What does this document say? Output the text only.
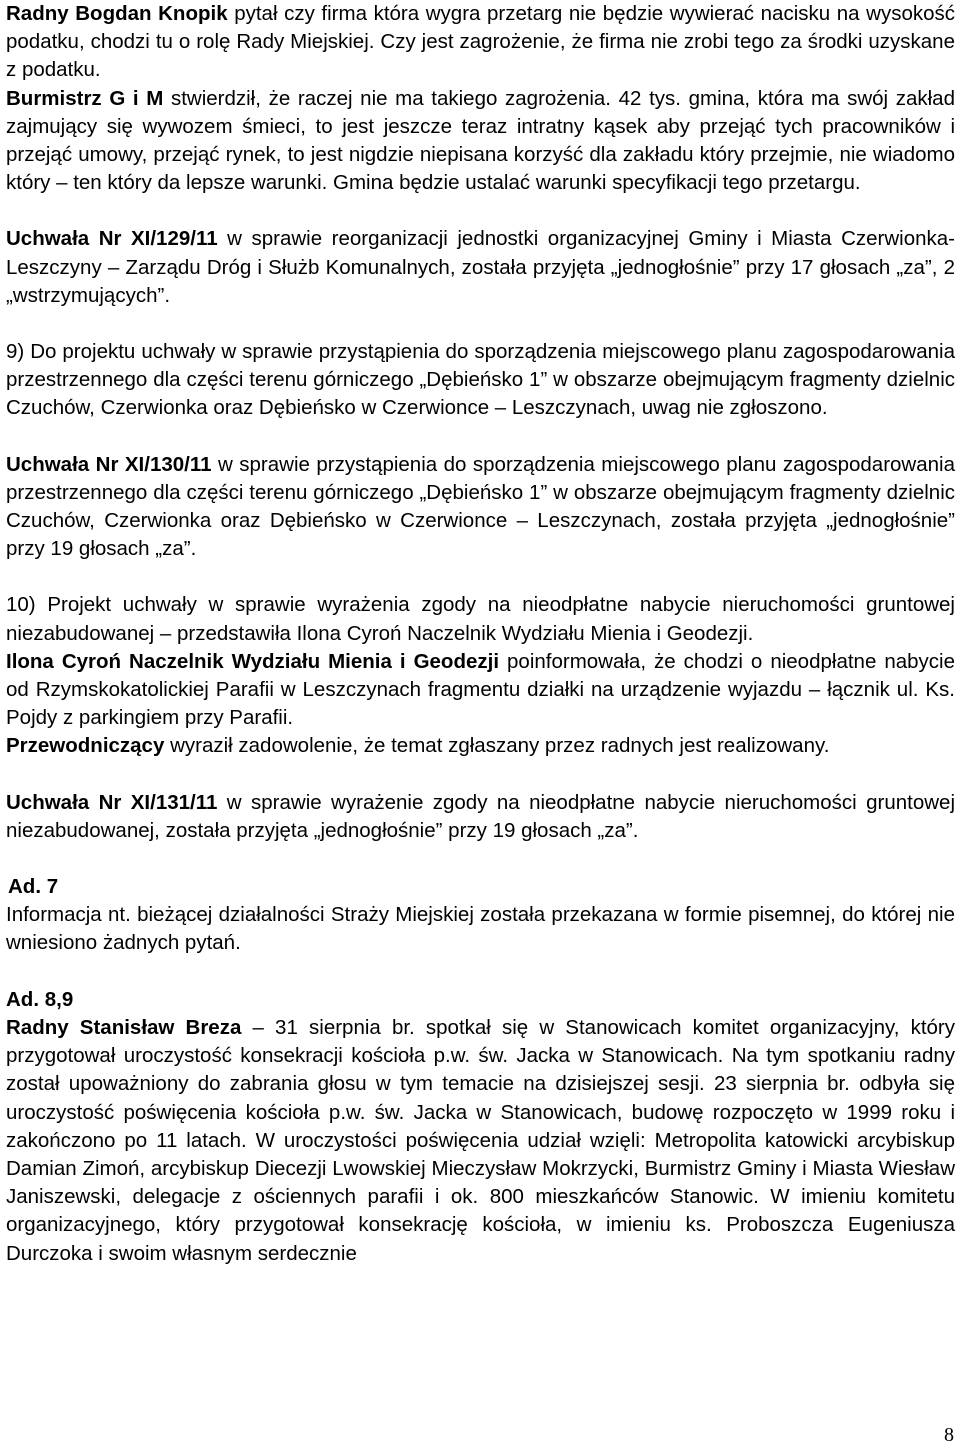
Radny Bogdan Knopik pytał czy firma która wygra przetarg nie będzie wywierać nacisku na wysokość podatku, chodzi tu o rolę Rady Miejskiej. Czy jest zagrożenie, że firma nie zrobi tego za środki uzyskane z podatku.
Burmistrz G i M stwierdził, że raczej nie ma takiego zagrożenia. 42 tys. gmina, która ma swój zakład zajmujący się wywozem śmieci, to jest jeszcze teraz intratny kąsek aby przejąć tych pracowników i przejąć umowy, przejąć rynek, to jest nigdzie niepisana korzyść dla zakładu który przejmie, nie wiadomo który – ten który da lepsze warunki. Gmina będzie ustalać warunki specyfikacji tego przetargu.

Uchwała Nr XI/129/11 w sprawie reorganizacji jednostki organizacyjnej Gminy i Miasta Czerwionka-Leszczyny – Zarządu Dróg i Służb Komunalnych, została przyjęta „jednogłośnie” przy 17 głosach „za”, 2 „wstrzymujących”.

9) Do projektu uchwały w sprawie przystąpienia do sporządzenia miejscowego planu zagospodarowania przestrzennego dla części terenu górniczego „Dębieńsko 1” w obszarze obejmującym fragmenty dzielnic Czuchów, Czerwionka oraz Dębieńsko w Czerwionce – Leszczynach, uwag nie zgłoszono.

Uchwała Nr XI/130/11 w sprawie przystąpienia do sporządzenia miejscowego planu zagospodarowania przestrzennego dla części terenu górniczego „Dębieńsko 1” w obszarze obejmującym fragmenty dzielnic Czuchów, Czerwionka oraz Dębieńsko w Czerwionce – Leszczynach, została przyjęta „jednogłośnie” przy 19 głosach „za”.

10) Projekt uchwały w sprawie wyrażenia zgody na nieodpłatne nabycie nieruchomości gruntowej niezabudowanej – przedstawiła Ilona Cyroń Naczelnik Wydziału Mienia i Geodezji.

Ilona Cyroń Naczelnik Wydziału Mienia i Geodezji poinformowała, że chodzi o nieodpłatne nabycie od Rzymskokatolickiej Parafii w Leszczynach fragmentu działki na urządzenie wyjazdu – łącznik ul. Ks. Pojdy z parkingiem przy Parafii.

Przewodniczący wyraził zadowolenie, że temat zgłaszany przez radnych jest realizowany.

Uchwała Nr XI/131/11 w sprawie wyrażenie zgody na nieodpłatne nabycie nieruchomości gruntowej niezabudowanej, została przyjęta „jednogłośnie” przy 19 głosach „za”.

Ad. 7

Informacja nt. bieżącej działalności Straży Miejskiej została przekazana w formie pisemnej, do której nie wniesiono żadnych pytań.

Ad. 8,9

Radny Stanisław Breza – 31 sierpnia br. spotkał się w Stanowicach komitet organizacyjny, który przygotował uroczystość konsekracji kościoła p.w. św. Jacka w Stanowicach. Na tym spotkaniu radny został upoważniony do zabrania głosu w tym temacie na dzisiejszej sesji. 23 sierpnia br. odbyła się uroczystość poświęcenia kościoła p.w. św. Jacka w Stanowicach, budowę rozpoczęto w 1999 roku i zakończono po 11 latach. W uroczystości poświęcenia udział wzięli: Metropolita katowicki arcybiskup Damian Zimoń, arcybiskup Diecezji Lwowskiej Mieczysław Mokrzycki, Burmistrz Gminy i Miasta Wiesław Janiszewski, delegacje z ościennych parafii i ok. 800 mieszkańców Stanowic. W imieniu komitetu organizacyjnego, który przygotował konsekrację kościoła, w imieniu ks. Proboszcza Eugeniusza Durczoka i swoim własnym serdecznie

8
